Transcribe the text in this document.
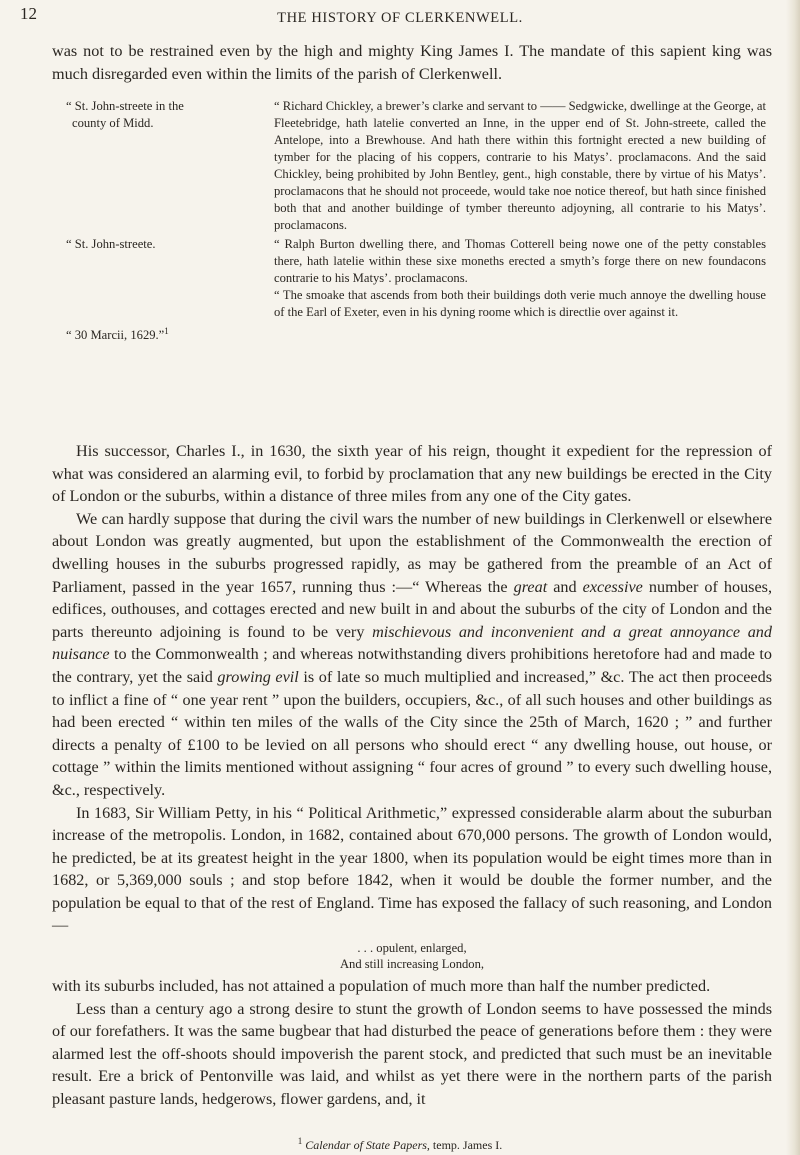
12	THE HISTORY OF CLERKENWELL.

was not to be restrained even by the high and mighty King James I. The mandate of this sapient king was much disregarded even within the limits of the parish of Clerkenwell.

“ St. John-streete in the
county of Midd.
“ Richard Chickley, a brewer’s clarke and servant to —— Sedgwicke, dwellinge at the George, at Fleetebridge, hath latelie converted an Inne, in the upper end of St. John-streete, called the Antelope, into a Brewhouse. And hath there within this fortnight erected a new building of tymber for the placing of his coppers, contrarie to his Matys’. proclamacons. And the said Chickley, being prohibited by John Bentley, gent., high constable, there by virtue of his Matys’. proclamacons that he should not proceede, would take noe notice thereof, but hath since finished both that and another buildinge of tymber thereunto adjoyning, all contrarie to his Matys’. proclamacons.
“ St. John-streete.	“ Ralph Burton dwelling there, and Thomas Cotterell being nowe one of the petty constables there, hath latelie within these sixe moneths erected a smyth’s forge there on new foundacons contrarie to his Matys’. proclamacons.
“ The smoake that ascends from both their buildings doth verie much annoye the dwelling house of the Earl of Exeter, even in his dyning roome which is directlie over against it.
“ 30 Marcii, 1629.”$^1$

His successor, Charles I., in 1630, the sixth year of his reign, thought it expedient for the repression of what was considered an alarming evil, to forbid by proclamation that any new buildings be erected in the City of London or the suburbs, within a distance of three miles from any one of the City gates.

We can hardly suppose that during the civil wars the number of new buildings in Clerkenwell or elsewhere about London was greatly augmented, but upon the establishment of the Commonwealth the erection of dwelling houses in the suburbs progressed rapidly, as may be gathered from the preamble of an Act of Parliament, passed in the year 1657, running thus :—“ Whereas the great and excessive number of houses, edifices, outhouses, and cottages erected and new built in and about the suburbs of the city of London and the parts thereunto adjoining is found to be very mischievous and inconvenient and a great annoyance and nuisance to the Commonwealth ; and whereas notwithstanding divers prohibitions heretofore had and made to the contrary, yet the said growing evil is of late so much multiplied and increased,” &c. The act then proceeds to inflict a fine of “ one year rent ” upon the builders, occupiers, &c., of all such houses and other buildings as had been erected “ within ten miles of the walls of the City since the 25th of March, 1620 ; ” and further directs a penalty of £100 to be levied on all persons who should erect “ any dwelling house, out house, or cottage ” within the limits mentioned without assigning “ four acres of ground ” to every such dwelling house, &c., respectively.

In 1683, Sir William Petty, in his “ Political Arithmetic,” expressed considerable alarm about the suburban increase of the metropolis. London, in 1682, contained about 670,000 persons. The growth of London would, he predicted, be at its greatest height in the year 1800, when its population would be eight times more than in 1682, or 5,369,000 souls ; and stop before 1842, when it would be double the former number, and the population be equal to that of the rest of England. Time has exposed the fallacy of such reasoning, and London—

. . . opulent, enlarged,
And still increasing London,

with its suburbs included, has not attained a population of much more than half the number predicted.

Less than a century ago a strong desire to stunt the growth of London seems to have possessed the minds of our forefathers. It was the same bugbear that had disturbed the peace of generations before them : they were alarmed lest the off-shoots should impoverish the parent stock, and predicted that such must be an inevitable result. Ere a brick of Pentonville was laid, and whilst as yet there were in the northern parts of the parish pleasant pasture lands, hedgerows, flower gardens, and, it

$^1$ Calendar of State Papers, temp. James I.
